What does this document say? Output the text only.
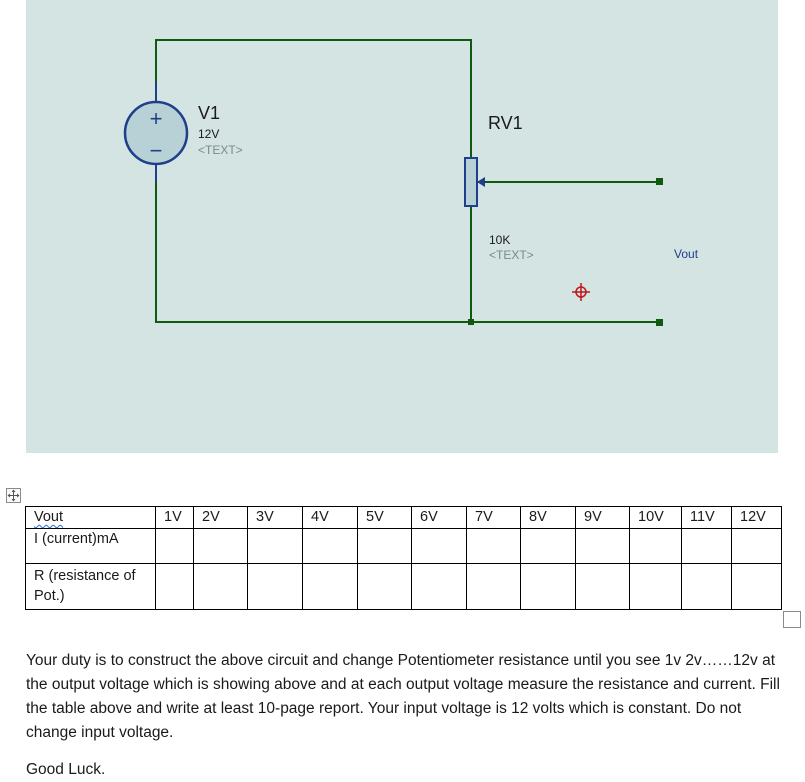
+
−
V1
12V
<TEXT>
RV1
10K
<TEXT>	Vout
Vout	1V	2V	3V	4V	5V	6V	7V	8V	9V	10V	11V	12V
I (current)mA												
R (resistance of Pot.)												

Your duty is to construct the above circuit and change Potentiometer resistance until you see 1v 2v……12v at the output voltage which is showing above and at each output voltage measure the resistance and current. Fill the table above and write at least 10-page report. Your input voltage is 12 volts which is constant. Do not change input voltage.

Good Luck.
